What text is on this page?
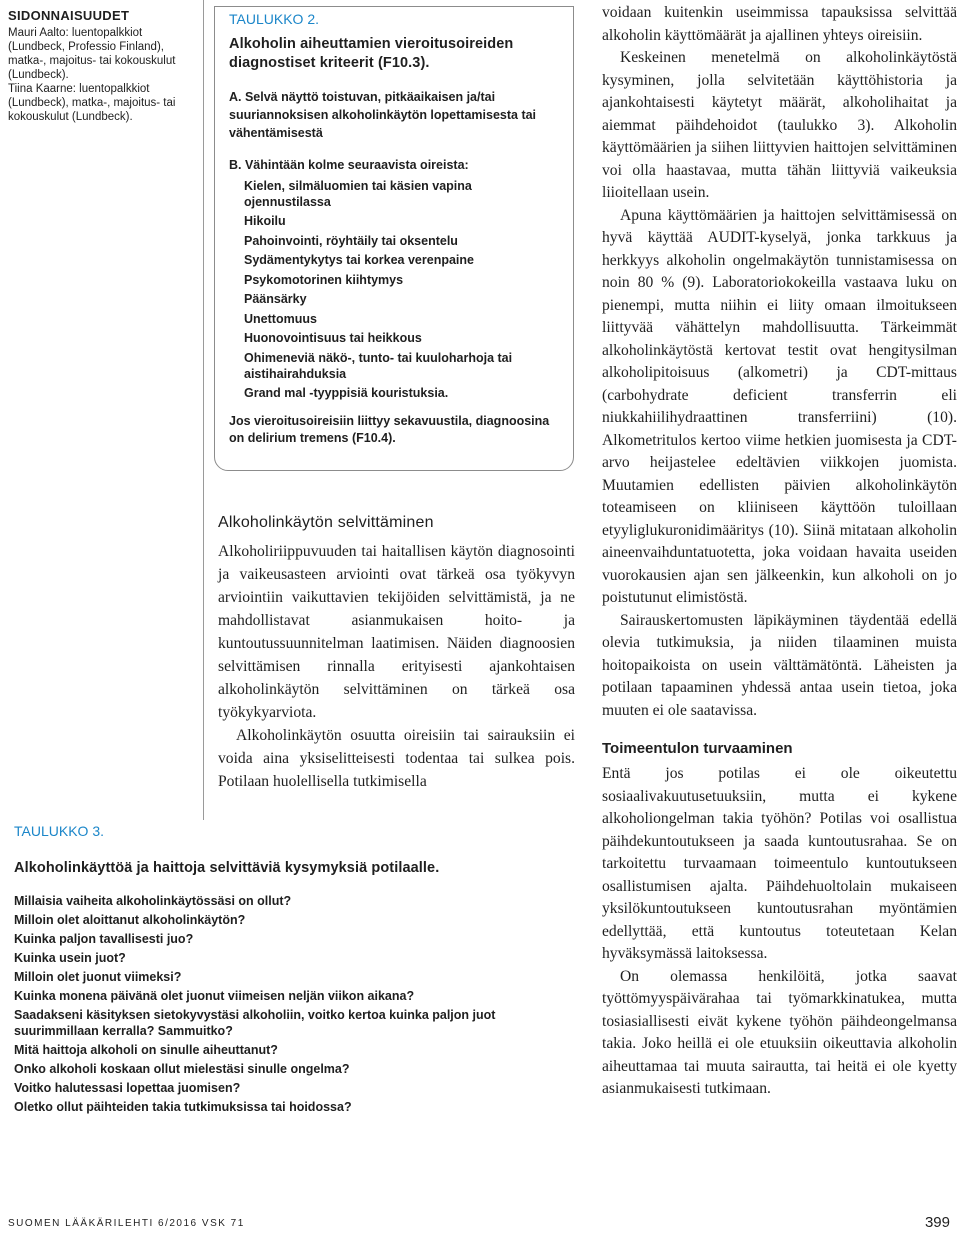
SIDONNAISUUDET
Mauri Aalto: luentopalkkiot (Lundbeck, Professio Finland), matka-, majoitus- tai kokouskulut (Lundbeck).
Tiina Kaarne: luentopalkkiot (Lundbeck), matka-, majoitus- tai kokouskulut (Lundbeck).
TAULUKKO 2.
Alkoholin aiheuttamien vieroitusoireiden diagnostiset kriteerit (F10.3).
A. Selvä näyttö toistuvan, pitkäaikaisen ja/tai suuriannoksisen alkoholinkäytön lopettamisesta tai vähentämisestä
B. Vähintään kolme seuraavista oireista:
Kielen, silmäluomien tai käsien vapina ojennustilassa
Hikoilu
Pahoinvointi, röyhtäily tai oksentelu
Sydämentykytys tai korkea verenpaine
Psykomotorinen kiihtymys
Päänsärky
Unettomuus
Huonovointisuus tai heikkous
Ohimeneviä näkö-, tunto- tai kuuloharhoja tai aistihairahduksia
Grand mal -tyyppisiä kouristuksia.
Jos vieroitusoireisiin liittyy sekavuustila, diagnoosina on delirium tremens (F10.4).
Alkoholinkäytön selvittäminen

Alkoholiriippuvuuden tai haitallisen käytön diagnosointi ja vaikeusasteen arviointi ovat tärkeä osa työkyvyn arviointiin vaikuttavien tekijöiden selvittämistä, ja ne mahdollistavat asianmukaisen hoito- ja kuntoutussuunnitelman laatimisen. Näiden diagnoosien selvittämisen rinnalla erityisesti ajankohtaisen alkoholinkäytön selvittäminen on tärkeä osa työkykyarviota.

Alkoholinkäytön osuutta oireisiin tai sairauksiin ei voida aina yksiselitteisesti todentaa tai sulkea pois. Potilaan huolellisella tutkimisella

voidaan kuitenkin useimmissa tapauksissa selvittää alkoholin käyttömäärät ja ajallinen yhteys oireisiin.

Keskeinen menetelmä on alkoholinkäytöstä kysyminen, jolla selvitetään käyttöhistoria ja ajankohtaisesti käytetyt määrät, alkoholihaitat ja aiemmat päihdehoidot (taulukko 3). Alkoholin käyttömäärien ja siihen liittyvien haittojen selvittäminen voi olla haastavaa, mutta tähän liittyviä vaikeuksia liioitellaan usein.

Apuna käyttömäärien ja haittojen selvittämisessä on hyvä käyttää AUDIT-kyselyä, jonka tarkkuus ja herkkyys alkoholin ongelmakäytön tunnistamisessa on noin 80 % (9). Laboratoriokokeilla vastaava luku on pienempi, mutta niihin ei liity omaan ilmoitukseen liittyvää vähättelyn mahdollisuutta. Tärkeimmät alkoholinkäytöstä kertovat testit ovat hengitysilman alkoholipitoisuus (alkometri) ja CDT-mittaus (carbohydrate deficient transferrin eli niukkahiilihydraattinen transferriini) (10). Alkometritulos kertoo viime hetkien juomisesta ja CDT-arvo heijastelee edeltävien viikkojen juomista. Muutamien edellisten päivien alkoholinkäytön toteamiseen on kliiniseen käyttöön tuloillaan etyyliglukuronidimääritys (10). Siinä mitataan alkoholin aineenvaihduntatuotetta, joka voidaan havaita useiden vuorokausien ajan sen jälkeenkin, kun alkoholi on jo poistutunut elimistöstä.

Sairauskertomusten läpikäyminen täydentää edellä olevia tutkimuksia, ja niiden tilaaminen muista hoitopaikoista on usein välttämätöntä. Läheisten ja potilaan tapaaminen yhdessä antaa usein tietoa, joka muuten ei ole saatavissa.

Toimeentulon turvaaminen

Entä jos potilas ei ole oikeutettu sosiaalivakuutusetuuksiin, mutta ei kykene alkoholiongelman takia työhön? Potilas voi osallistua päihdekuntoutukseen ja saada kuntoutusrahaa. Se on tarkoitettu turvaamaan toimeentulo kuntoutukseen osallistumisen ajalta. Päihdehuoltolain mukaiseen yksilökuntoutukseen kuntoutusrahan myöntämien edellyttää, että kuntoutus toteutetaan Kelan hyväksymässä laitoksessa.

On olemassa henkilöitä, jotka saavat työttömyyspäivärahaa tai työmarkkinatukea, mutta tosiasiallisesti eivät kykene työhön päihdeongelmansa takia. Joko heillä ei ole etuuksiin oikeuttavia alkoholin aiheuttamaa tai muuta sairautta, tai heitä ei ole kyetty asianmukaisesti tutkimaan.

TAULUKKO 3.
Alkoholinkäyttöä ja haittoja selvittäviä kysymyksiä potilaalle.
Millaisia vaiheita alkoholinkäytössäsi on ollut?
Milloin olet aloittanut alkoholinkäytön?
Kuinka paljon tavallisesti juo?
Kuinka usein juot?
Milloin olet juonut viimeksi?
Kuinka monena päivänä olet juonut viimeisen neljän viikon aikana?
Saadakseni käsityksen sietokyvystäsi alkoholiin, voitko kertoa kuinka paljon juot suurimmillaan kerralla? Sammuitko?
Mitä haittoja alkoholi on sinulle aiheuttanut?
Onko alkoholi koskaan ollut mielestäsi sinulle ongelma?
Voitko halutessasi lopettaa juomisen?
Oletko ollut päihteiden takia tutkimuksissa tai hoidossa?
SUOMEN LÄÄKÄRILEHTI 6/2016 VSK 71	399
